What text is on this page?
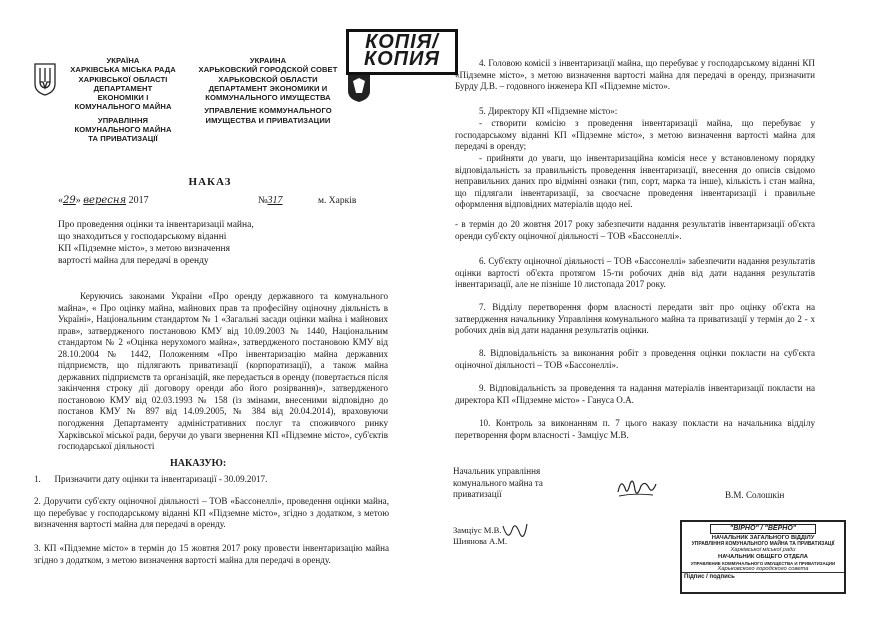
УКРАЇНА
ХАРКІВСЬКА МІСЬКА РАДА
ХАРКІВСЬКОЇ ОБЛАСТІ
ДЕПАРТАМЕНТ
ЕКОНОМІКИ І
КОМУНАЛЬНОГО МАЙНА
УПРАВЛІННЯ
КОМУНАЛЬНОГО МАЙНА
ТА ПРИВАТИЗАЦІЇ
УКРАИНА
ХАРЬКОВСКИЙ ГОРОДСКОЙ СОВЕТ
ХАРЬКОВСКОЙ ОБЛАСТИ
ДЕПАРТАМЕНТ ЭКОНОМИКИ И
КОММУНАЛЬНОГО ИМУЩЕСТВА
УПРАВЛЕНИЕ КОММУНАЛЬНОГО
ИМУЩЕСТВА И ПРИВАТИЗАЦИИ
КОПІЯ/
КОПИЯ
НАКАЗ
«29» вересня 2017	№317	м. Харків
Про проведення оцінки та інвентаризації майна,
що знаходиться у господарському віданні
КП «Підземне місто», з метою визначення
вартості майна для передачі в оренду
Керуючись законами України «Про оренду державного та комунального майна», « Про оцінку майна, майнових прав та професійну оціночну діяльність в Україні», Національним стандартом № 1 «Загальні засади оцінки майна і майнових прав», затвердженого постановою КМУ від 10.09.2003 № 1440, Національним стандартом № 2 «Оцінка нерухомого майна», затвердженого постановою КМУ від 28.10.2004 № 1442, Положенням «Про інвентаризацію майна державних підприємств, що підлягають приватизації (корпоратизації), а також майна державних підприємств та організацій, яке передається в оренду (повертається після закінчення строку дії договору оренди або його розірвання)», затвердженого постановою КМУ від 02.03.1993 № 158 (із змінами, внесеними відповідно до постанов КМУ № 897 від 14.09.2005, № 384 від 20.04.2014), враховуючи погодження Департаменту адміністративних послуг та споживчого ринку Харківської міської ради, беручи до уваги звернення КП «Підземне місто», суб'єктів господарської діяльності
НАКАЗУЮ:
1.      Призначити дату оцінки та інвентаризації - 30.09.2017.
2. Доручити суб'єкту оціночної діяльності – ТОВ «Бассонеллі», проведення оцінки майна, що перебуває у господарському віданні КП «Підземне місто», згідно з додатком, з метою визначення вартості майна для передачі в оренду.
3. КП «Підземне місто» в термін до 15 жовтня 2017 року провести інвентаризацію майна згідно з додатком, з метою визначення вартості майна для передачі в оренду.
4. Головою комісії з інвентаризації майна, що перебуває у господарському віданні КП «Підземне місто», з метою визначення вартості майна для передачі в оренду, призначити Бурду Д.В. – годовного інженера КП «Підземне місто».
5. Директору КП «Підземне місто»:
- створити комісію з проведення інвентаризації майна, що перебуває у господарському віданні КП «Підземне місто», з метою визначення вартості майна для передачі в оренду;
- прийняти до уваги, що інвентаризаційна комісія несе у встановленому порядку відповідальність за правильність проведення інвентаризації, внесення до описів свідомо неправильних даних про відмінні ознаки (тип, сорт, марка та інше), кількість і стан майна, що підлягали інвентаризації, за своєчасне проведення інвентаризації і правильне оформлення відповідних матеріалів щодо неї.
- в термін до 20 жовтня 2017 року забезпечити надання результатів інвентаризації об'єкта оренди суб'єкту оціночної діяльності – ТОВ «Бассонеллі».
6. Суб'єкту оціночної діяльності – ТОВ «Бассонеллі» забезпечити надання результатів оцінки вартості об'єкта протягом 15-ти робочих днів від дати надання результатів інвентаризації, але не пізніше 10 листопада 2017 року.
7. Відділу перетворення форм власності передати звіт про оцінку об'єкта на затвердження начальнику Управління комунального майна та приватизації у термін до 2 - х робочих днів від дати надання результатів оцінки.
8. Відповідальність за виконання робіт з проведення оцінки покласти на суб'єкта оціночної діяльності – ТОВ «Бассонеллі».
9. Відповідальність за проведення та надання матеріалів інвентаризації покласти на директора КП «Підземне місто» - Гануса О.А.
10. Контроль за виконанням п. 7 цього наказу покласти на начальника відділу перетворення форм власності - Замціус М.В.
Начальник управління
комунального майна та
приватизації	В.М. Солошкін
Замціус М.В.
Шиянова А.М.
"ВІРНО" / "ВЕРНО"
НАЧАЛЬНИК ЗАГАЛЬНОГО ВІДДІЛУ
УПРАВЛІННЯ КОМУНАЛЬНОГО МАЙНА ТА ПРИВАТИЗАЦІЇ
Харківської міської ради
НАЧАЛЬНИК ОБЩЕГО ОТДЕЛА
УПРАВЛЕНИЕ КОММУНАЛЬНОГО ИМУЩЕСТВА И ПРИВАТИЗАЦИИ
Харьковского городского совета
Підпис / подпись
